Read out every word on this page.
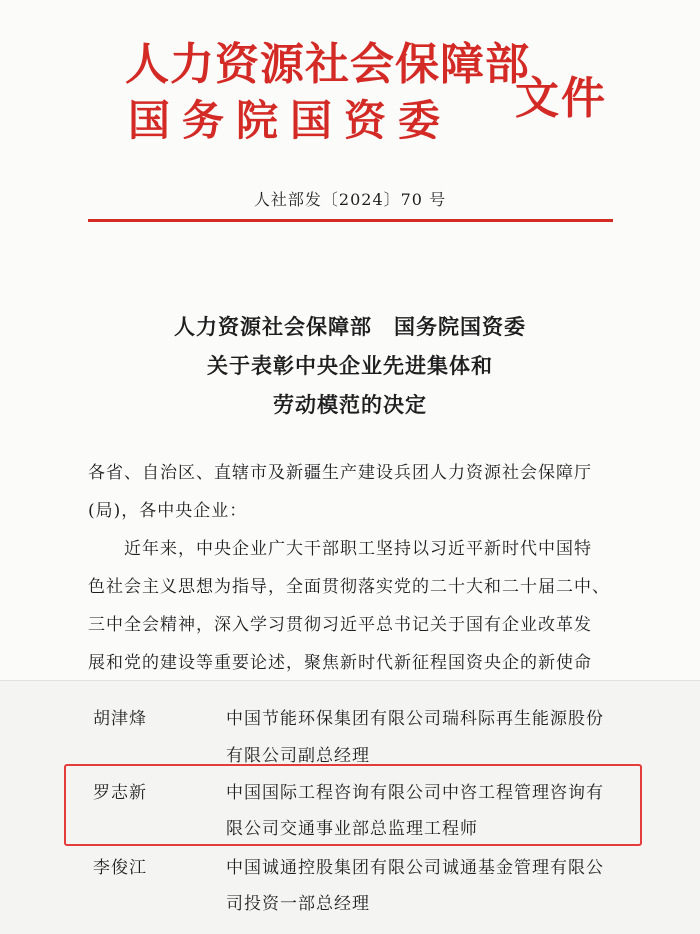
人力资源社会保障部
国务院国资委 文件
人社部发〔2024〕70 号
人力资源社会保障部　国务院国资委
关于表彰中央企业先进集体和
劳动模范的决定
各省、自治区、直辖市及新疆生产建设兵团人力资源社会保障厅
(局)，各中央企业：
　　近年来，中央企业广大干部职工坚持以习近平新时代中国特
色社会主义思想为指导，全面贯彻落实党的二十大和二十届二中、
三中全会精神，深入学习贯彻习近平总书记关于国有企业改革发
展和党的建设等重要论述，聚焦新时代新征程国资央企的新使命
胡津烽	中国节能环保集团有限公司瑞科际再生能源股份
有限公司副总经理
罗志新	中国国际工程咨询有限公司中咨工程管理咨询有
限公司交通事业部总监理工程师
李俊江	中国诚通控股集团有限公司诚通基金管理有限公
司投资一部总经理
